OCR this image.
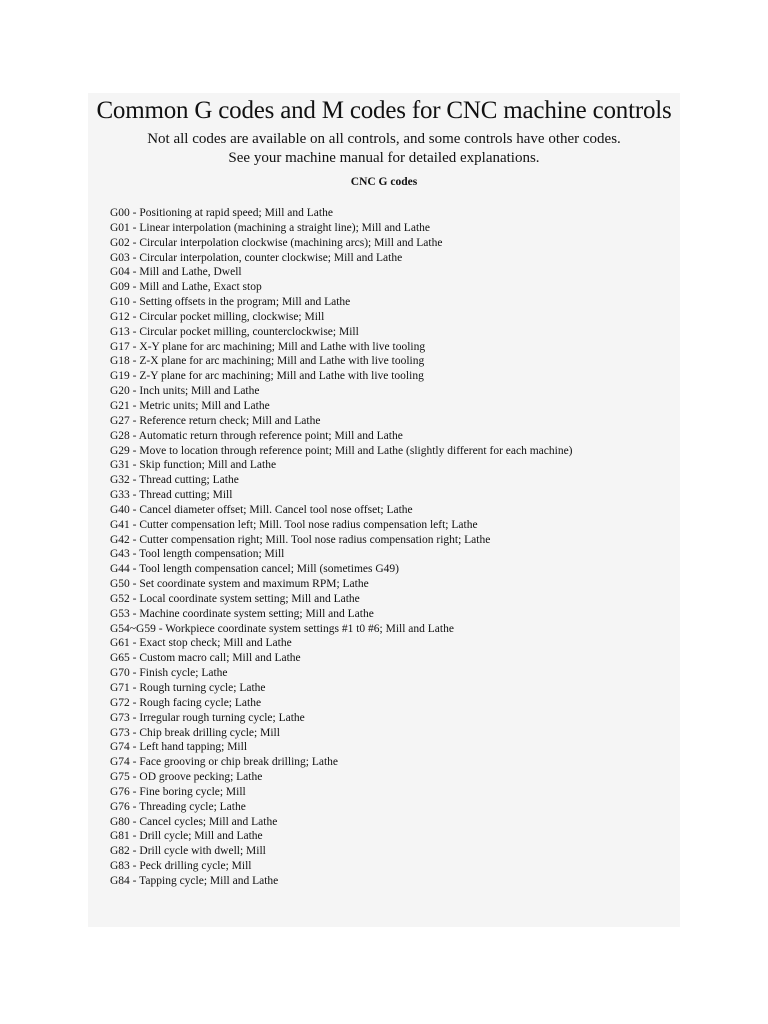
Common G codes and M codes for CNC machine controls

Not all codes are available on all controls, and some controls have other codes.
See your machine manual for detailed explanations.

CNC G codes

G00 - Positioning at rapid speed; Mill and Lathe
G01 - Linear interpolation (machining a straight line); Mill and Lathe
G02 - Circular interpolation clockwise (machining arcs); Mill and Lathe
G03 - Circular interpolation, counter clockwise; Mill and Lathe
G04 - Mill and Lathe, Dwell
G09 - Mill and Lathe, Exact stop
G10 - Setting offsets in the program; Mill and Lathe
G12 - Circular pocket milling, clockwise; Mill
G13 - Circular pocket milling, counterclockwise; Mill
G17 - X-Y plane for arc machining; Mill and Lathe with live tooling
G18 - Z-X plane for arc machining; Mill and Lathe with live tooling
G19 - Z-Y plane for arc machining; Mill and Lathe with live tooling
G20 - Inch units; Mill and Lathe
G21 - Metric units; Mill and Lathe
G27 - Reference return check; Mill and Lathe
G28 - Automatic return through reference point; Mill and Lathe
G29 - Move to location through reference point; Mill and Lathe (slightly different for each machine)
G31 - Skip function; Mill and Lathe
G32 - Thread cutting; Lathe
G33 - Thread cutting; Mill
G40 - Cancel diameter offset; Mill. Cancel tool nose offset; Lathe
G41 - Cutter compensation left; Mill. Tool nose radius compensation left; Lathe
G42 - Cutter compensation right; Mill. Tool nose radius compensation right; Lathe
G43 - Tool length compensation; Mill
G44 - Tool length compensation cancel; Mill (sometimes G49)
G50 - Set coordinate system and maximum RPM; Lathe
G52 - Local coordinate system setting; Mill and Lathe
G53 - Machine coordinate system setting; Mill and Lathe
G54~G59 - Workpiece coordinate system settings #1 t0 #6; Mill and Lathe
G61 - Exact stop check; Mill and Lathe
G65 - Custom macro call; Mill and Lathe
G70 - Finish cycle; Lathe
G71 - Rough turning cycle; Lathe
G72 - Rough facing cycle; Lathe
G73 - Irregular rough turning cycle; Lathe
G73 - Chip break drilling cycle; Mill
G74 - Left hand tapping; Mill
G74 - Face grooving or chip break drilling; Lathe
G75 - OD groove pecking; Lathe
G76 - Fine boring cycle; Mill
G76 - Threading cycle; Lathe
G80 - Cancel cycles; Mill and Lathe
G81 - Drill cycle; Mill and Lathe
G82 - Drill cycle with dwell; Mill
G83 - Peck drilling cycle; Mill
G84 - Tapping cycle; Mill and Lathe
